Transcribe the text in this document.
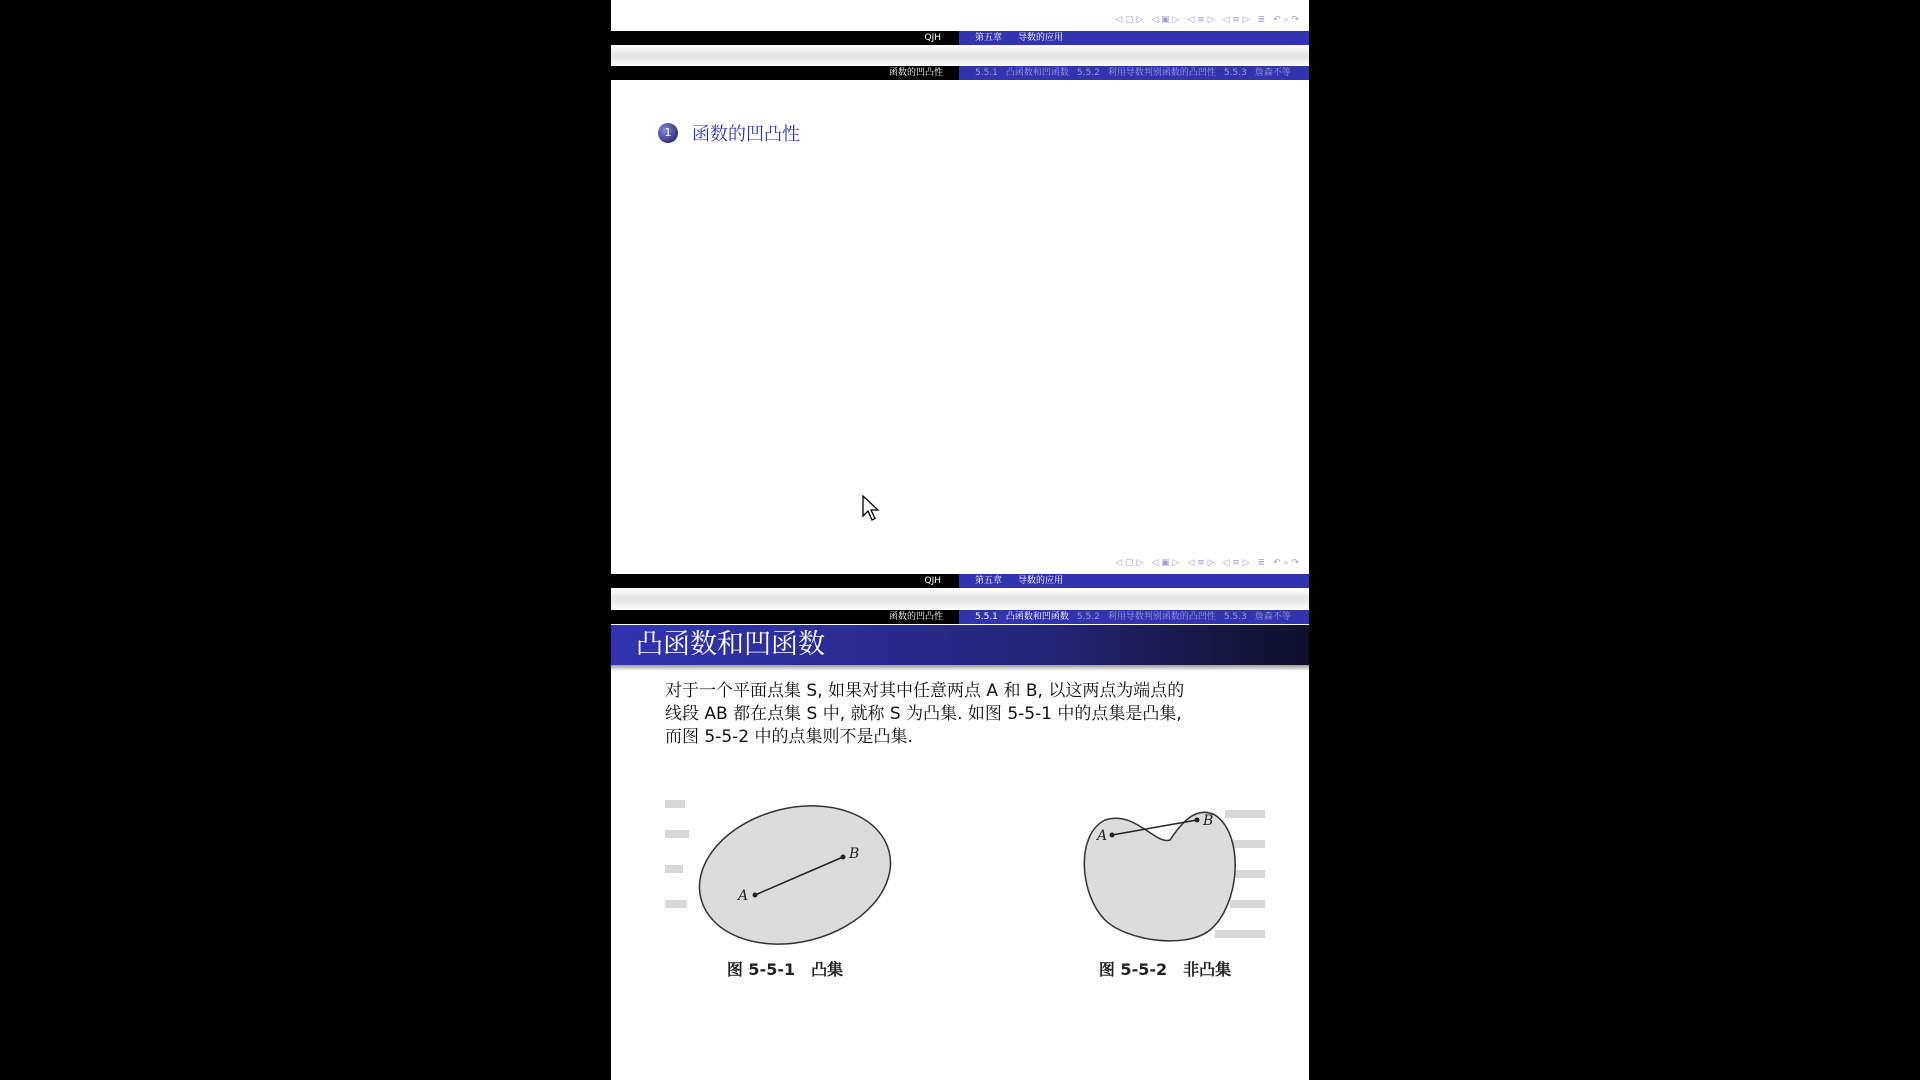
◁ ▢ ▷ ◁ ▣ ▷ ◁ ≡ ▷ ◁ ≡ ▷ ≣ ↶ ⌕ ↷
QJH	第五章 导数的应用
函数的凹凸性	5.5.1 凸函数和凹函数 5.5.2 利用导数判别函数的凸凹性 5.5.3 詹森不等
1	函数的凹凸性
◁ ▢ ▷ ◁ ▣ ▷ ◁ ≡ ▷ ◁ ≡ ▷ ≣ ↶ ⌕ ↷
QJH	第五章 导数的应用
函数的凹凸性	5.5.1 凸函数和凹函数 5.5.2 利用导数判别函数的凸凹性 5.5.3 詹森不等
凸函数和凹函数

对于一个平面点集 S, 如果对其中任意两点 A 和 B, 以这两点为端点的

线段 AB 都在点集 S 中, 就称 S 为凸集. 如图 5-5-1 中的点集是凸集,

而图 5-5-2 中的点集则不是凸集.

A
B
图 5-5-1　凸集
A
B
图 5-5-2　非凸集
